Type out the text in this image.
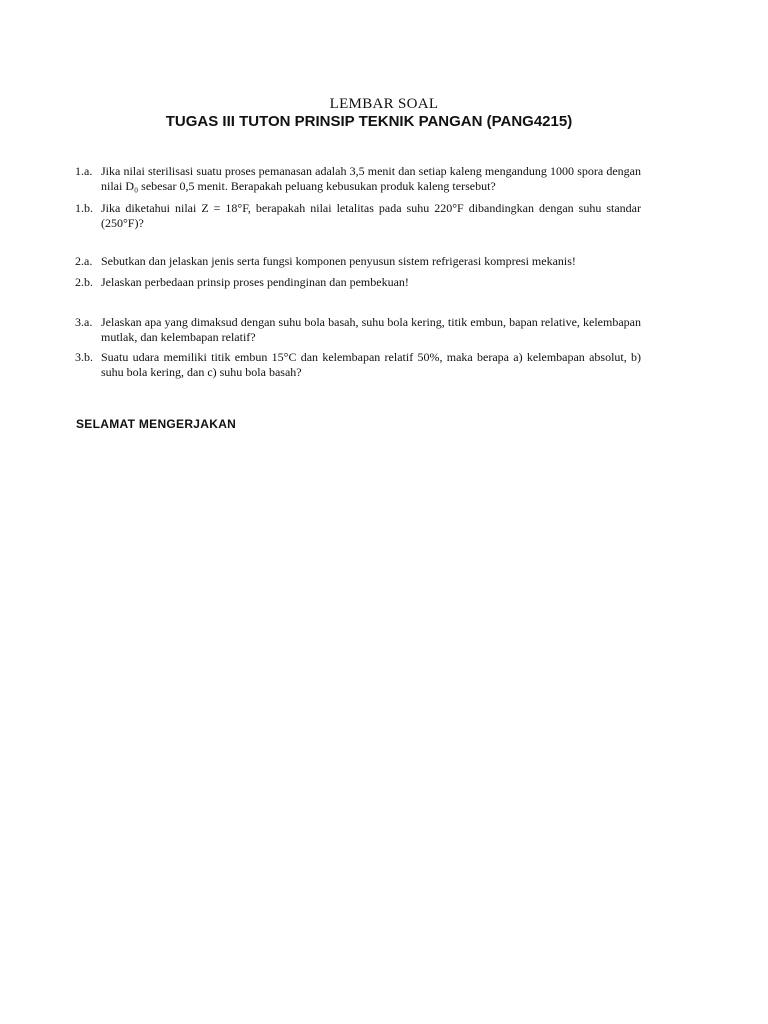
LEMBAR SOAL
TUGAS III TUTON PRINSIP TEKNIK PANGAN (PANG4215)
1.a. Jika nilai sterilisasi suatu proses pemanasan adalah 3,5 menit dan setiap kaleng mengandung 1000 spora dengan nilai D₀ sebesar 0,5 menit. Berapakah peluang kebusukan produk kaleng tersebut?
1.b. Jika diketahui nilai Z = 18°F, berapakah nilai letalitas pada suhu 220°F dibandingkan dengan suhu standar (250°F)?
2.a. Sebutkan dan jelaskan jenis serta fungsi komponen penyusun sistem refrigerasi kompresi mekanis!
2.b. Jelaskan perbedaan prinsip proses pendinginan dan pembekuan!
3.a. Jelaskan apa yang dimaksud dengan suhu bola basah, suhu bola kering, titik embun, bapan relative, kelembapan mutlak, dan kelembapan relatif?
3.b. Suatu udara memiliki titik embun 15°C dan kelembapan relatif 50%, maka berapa a) kelembapan absolut, b) suhu bola kering, dan c) suhu bola basah?
SELAMAT MENGERJAKAN
